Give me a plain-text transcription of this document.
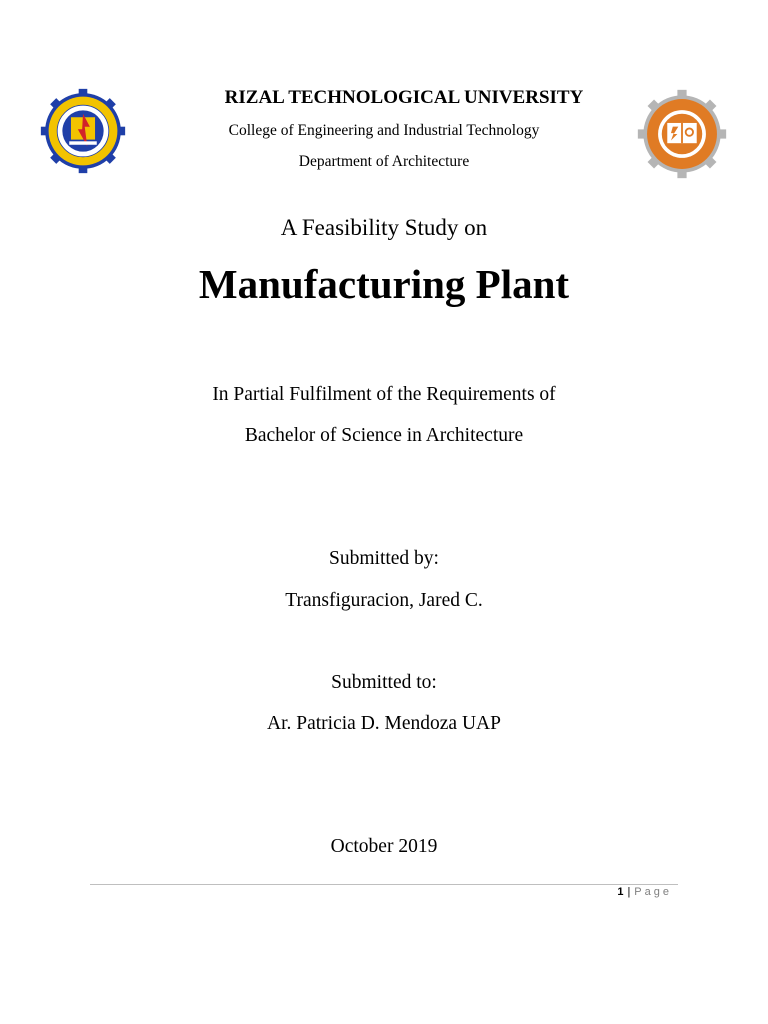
RIZAL TECHNOLOGICAL UNIVERSITY
College of Engineering and Industrial Technology
Department of Architecture
A Feasibility Study on
Manufacturing Plant
In Partial Fulfilment of the Requirements of
Bachelor of Science in Architecture
Submitted by:
Transfiguracion, Jared C.
Submitted to:
Ar. Patricia D. Mendoza UAP
October 2019
1 | Page
